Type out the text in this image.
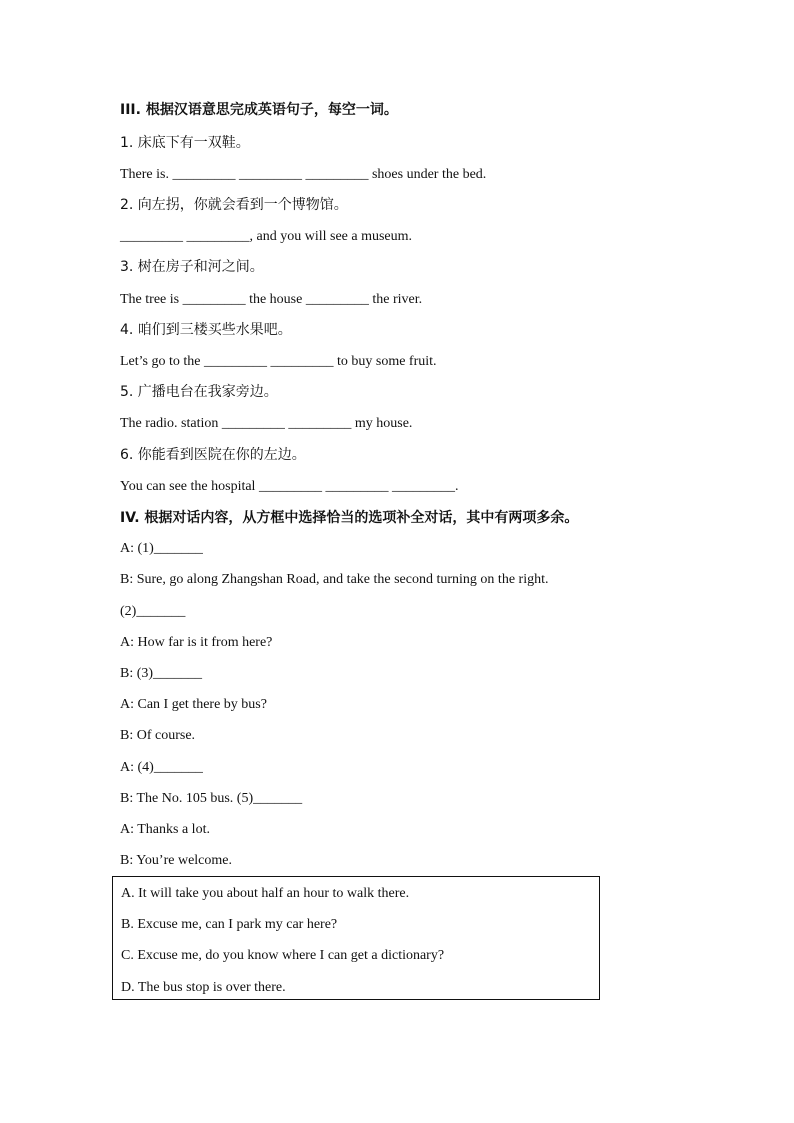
III. 根据汉语意思完成英语句子，每空一词。
1. 床底下有一双鞋。
There is. _________ _________ _________ shoes under the bed.
2. 向左拐，你就会看到一个博物馆。
_________ _________, and you will see a museum.
3. 树在房子和河之间。
The tree is _________ the house _________ the river.
4. 咱们到三楼买些水果吧。
Let’s go to the _________ _________ to buy some fruit.
5. 广播电台在我家旁边。
The radio. station _________ _________ my house.
6. 你能看到医院在你的左边。
You can see the hospital _________ _________ _________.
IV. 根据对话内容，从方框中选择恰当的选项补全对话，其中有两项多余。
A: (1)_______
B: Sure, go along Zhangshan Road, and take the second turning on the right.
(2)_______
A: How far is it from here?
B: (3)_______
A: Can I get there by bus?
B: Of course.
A: (4)_______
B: The No. 105 bus. (5)_______
A: Thanks a lot.
B: You’re welcome.
A. It will take you about half an hour to walk there.
B. Excuse me, can I park my car here?
C. Excuse me, do you know where I can get a dictionary?
D. The bus stop is over there.
